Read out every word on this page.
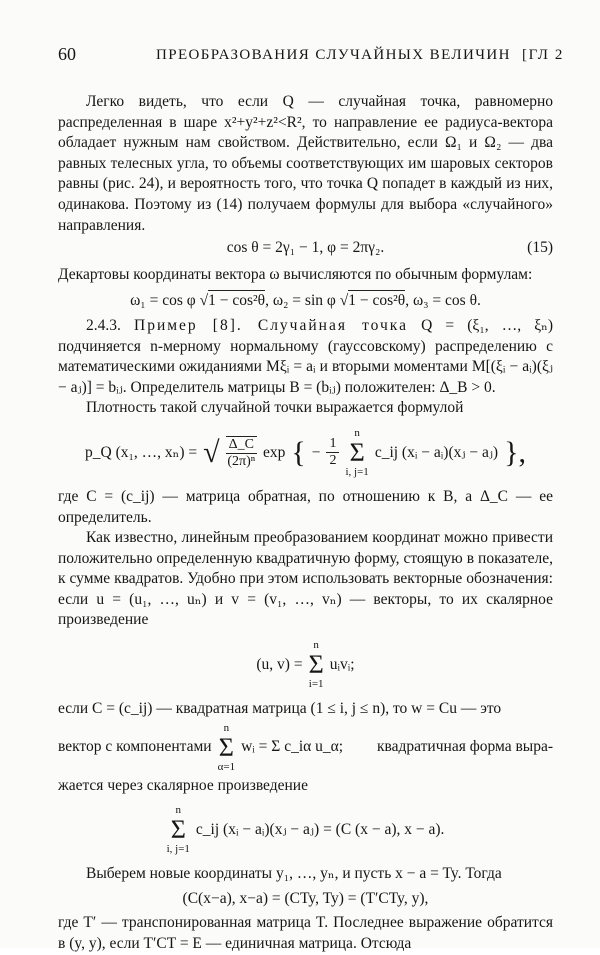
60	ПРЕОБРАЗОВАНИЯ СЛУЧАЙНЫХ ВЕЛИЧИН [ГЛ 2

Легко видеть, что если Q — случайная точка, равномерно распределенная в шаре x²+y²+z²<R², то направление ее радиуса-вектора обладает нужным нам свойством. Действительно, если Ω₁ и Ω₂ — два равных телесных угла, то объемы соответствующих им шаровых секторов равны (рис. 24), и вероятность того, что точка Q попадет в каждый из них, одинакова. Поэтому из (14) получаем формулы для выбора «случайного» направления.

cos θ = 2γ₁ − 1, φ = 2πγ₂.	(15)

Декартовы координаты вектора ω вычисляются по обычным формулам:

ω₁ = cos φ √1 − cos²θ, ω₂ = sin φ √1 − cos²θ, ω₃ = cos θ.

2.4.3. Пример [8]. Случайная точка Q = (ξ₁, …, ξₙ) подчиняется n-мерному нормальному (гауссовскому) распределению с математическими ожиданиями Mξᵢ = aᵢ и вторыми моментами M[(ξᵢ − aᵢ)(ξⱼ − aⱼ)] = bᵢⱼ. Определитель матрицы B = (bᵢⱼ) положителен: Δ_B > 0.

Плотность такой случайной точки выражается формулой

p_Q (x₁, …, xₙ) = √ $\frac{\Delta\_C}{\text{(2π)ⁿ}}$ exp { − $\frac{1}{2}$
n
Σ
i, j=1
c_ij (xᵢ − aᵢ)(xⱼ − aⱼ) },

где C = (c_ij) — матрица обратная, по отношению к B, а Δ_C — ее определитель.

Как известно, линейным преобразованием координат можно привести положительно определенную квадратичную форму, стоящую в показателе, к сумме квадратов. Удобно при этом использовать векторные обозначения: если u = (u₁, …, uₙ) и v = (v₁, …, vₙ) — векторы, то их скалярное произведение

(u, v) =
n
Σ
i=1
uᵢvᵢ;

если C = (c_ij) — квадратная матрица (1 ≤ i, j ≤ n), то w = Cu — это

вектор с компонентами
n
Σ
α=1
wᵢ = Σ c_iα u_α; квадратичная форма выра-

жается через скалярное произведение

n
Σ
i, j=1
c_ij (xᵢ − aᵢ)(xⱼ − aⱼ) = (C (x − a), x − a).

Выберем новые координаты y₁, …, yₙ, и пусть x − a = Ty. Тогда

(C(x−a), x−a) = (CTy, Ty) = (T′CTy, y),

где T′ — транспонированная матрица T. Последнее выражение обратится в (y, y), если T′CT = E — единичная матрица. Отсюда
